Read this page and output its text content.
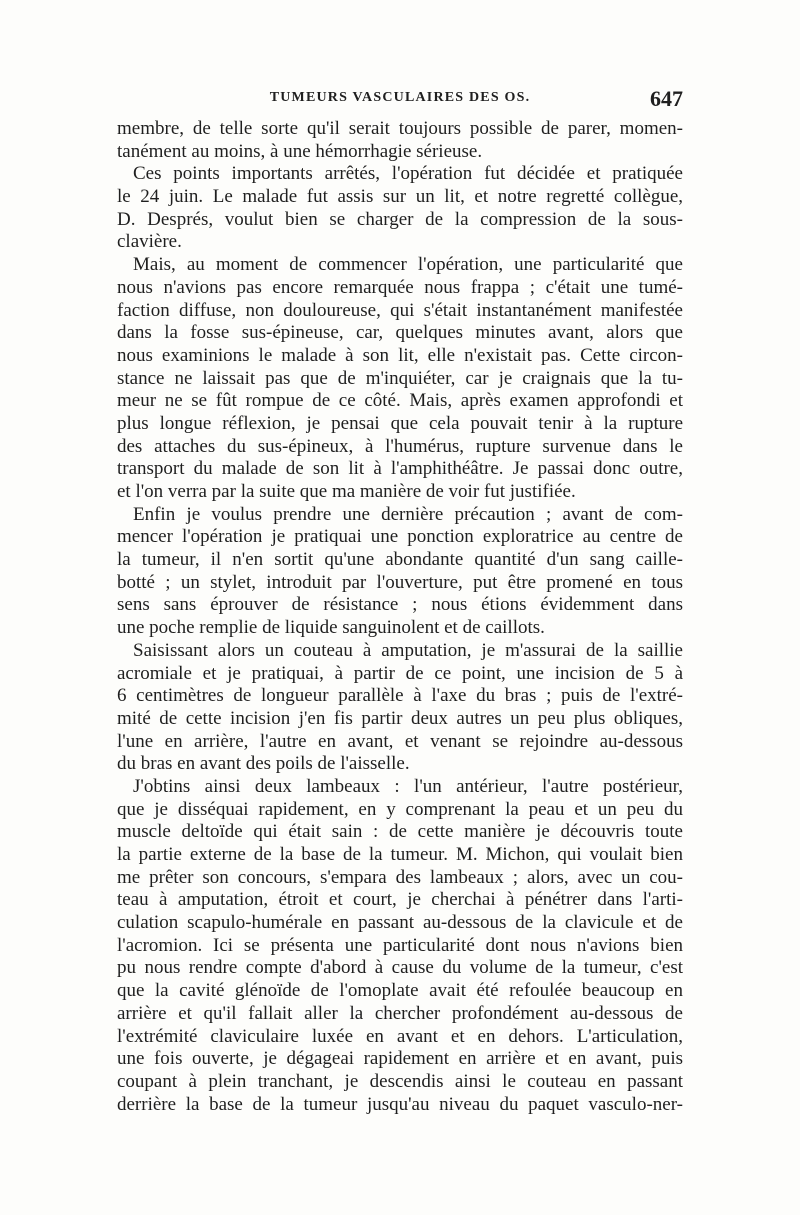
TUMEURS VASCULAIRES DES OS.	647
membre, de telle sorte qu'il serait toujours possible de parer, momen-
tanément au moins, à une hémorrhagie sérieuse.
Ces points importants arrêtés, l'opération fut décidée et pratiquée
le 24 juin. Le malade fut assis sur un lit, et notre regretté collègue,
D. Després, voulut bien se charger de la compression de la sous-
clavière.
Mais, au moment de commencer l'opération, une particularité que
nous n'avions pas encore remarquée nous frappa ; c'était une tumé-
faction diffuse, non douloureuse, qui s'était instantanément manifestée
dans la fosse sus-épineuse, car, quelques minutes avant, alors que
nous examinions le malade à son lit, elle n'existait pas. Cette circon-
stance ne laissait pas que de m'inquiéter, car je craignais que la tu-
meur ne se fût rompue de ce côté. Mais, après examen approfondi et
plus longue réflexion, je pensai que cela pouvait tenir à la rupture
des attaches du sus-épineux, à l'humérus, rupture survenue dans le
transport du malade de son lit à l'amphithéâtre. Je passai donc outre,
et l'on verra par la suite que ma manière de voir fut justifiée.
Enfin je voulus prendre une dernière précaution ; avant de com-
mencer l'opération je pratiquai une ponction exploratrice au centre de
la tumeur, il n'en sortit qu'une abondante quantité d'un sang caille-
botté ; un stylet, introduit par l'ouverture, put être promené en tous
sens sans éprouver de résistance ; nous étions évidemment dans
une poche remplie de liquide sanguinolent et de caillots.
Saisissant alors un couteau à amputation, je m'assurai de la saillie
acromiale et je pratiquai, à partir de ce point, une incision de 5 à
6 centimètres de longueur parallèle à l'axe du bras ; puis de l'extré-
mité de cette incision j'en fis partir deux autres un peu plus obliques,
l'une en arrière, l'autre en avant, et venant se rejoindre au-dessous
du bras en avant des poils de l'aisselle.
J'obtins ainsi deux lambeaux : l'un antérieur, l'autre postérieur,
que je disséquai rapidement, en y comprenant la peau et un peu du
muscle deltoïde qui était sain : de cette manière je découvris toute
la partie externe de la base de la tumeur. M. Michon, qui voulait bien
me prêter son concours, s'empara des lambeaux ; alors, avec un cou-
teau à amputation, étroit et court, je cherchai à pénétrer dans l'arti-
culation scapulo-humérale en passant au-dessous de la clavicule et de
l'acromion. Ici se présenta une particularité dont nous n'avions bien
pu nous rendre compte d'abord à cause du volume de la tumeur, c'est
que la cavité glénoïde de l'omoplate avait été refoulée beaucoup en
arrière et qu'il fallait aller la chercher profondément au-dessous de
l'extrémité claviculaire luxée en avant et en dehors. L'articulation,
une fois ouverte, je dégageai rapidement en arrière et en avant, puis
coupant à plein tranchant, je descendis ainsi le couteau en passant
derrière la base de la tumeur jusqu'au niveau du paquet vasculo-ner-
